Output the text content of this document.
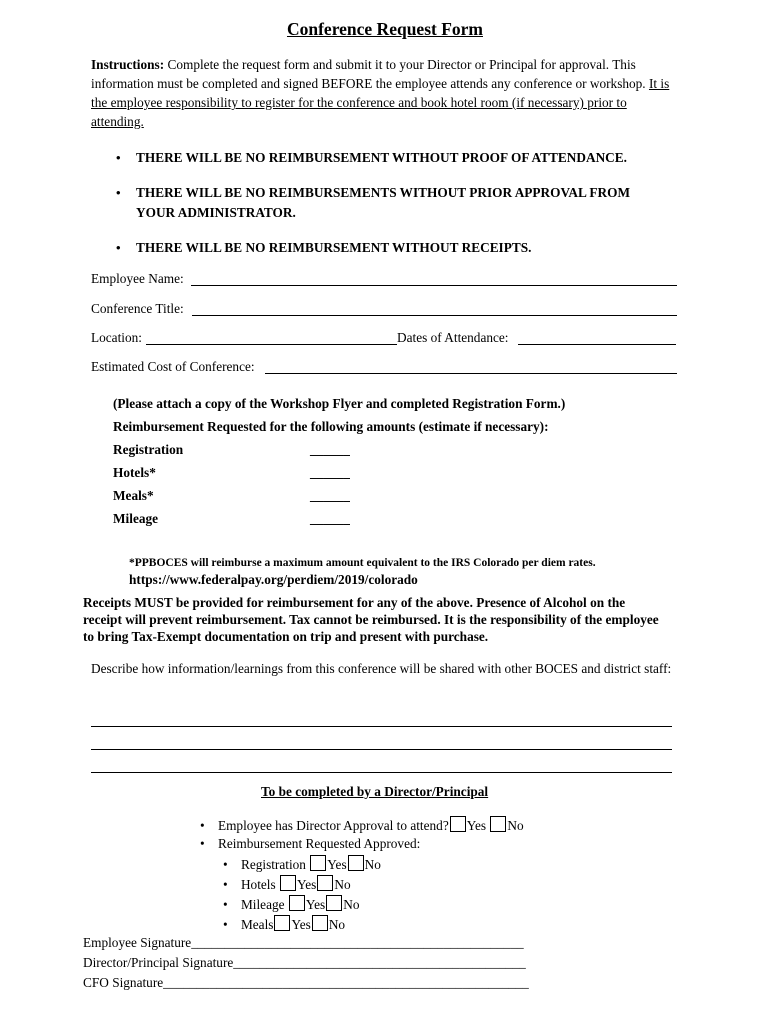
Conference Request Form
Instructions: Complete the request form and submit it to your Director or Principal for approval. This information must be completed and signed BEFORE the employee attends any conference or workshop. It is the employee responsibility to register for the conference and book hotel room (if necessary) prior to attending.
• THERE WILL BE NO REIMBURSEMENT WITHOUT PROOF OF ATTENDANCE.
• THERE WILL BE NO REIMBURSEMENTS WITHOUT PRIOR APPROVAL FROM YOUR ADMINISTRATOR.
• THERE WILL BE NO REIMBURSEMENT WITHOUT RECEIPTS.
Employee Name:
Conference Title:
Location:	Dates of Attendance:
Estimated Cost of Conference:
(Please attach a copy of the Workshop Flyer and completed Registration Form.)
Reimbursement Requested for the following amounts (estimate if necessary):
Registration	______
Hotels*	______
Meals*	______
Mileage	______
*PPBOCES will reimburse a maximum amount equivalent to the IRS Colorado per diem rates.
https://www.federalpay.org/perdiem/2019/colorado
Receipts MUST be provided for reimbursement for any of the above. Presence of Alcohol on the receipt will prevent reimbursement. Tax cannot be reimbursed. It is the responsibility of the employee to bring Tax-Exempt documentation on trip and present with purchase.
Describe how information/learnings from this conference will be shared with other BOCES and district staff:
To be completed by a Director/Principal
• Employee has Director Approval to attend? Yes No
• Reimbursement Requested Approved:
• Registration Yes No
• Hotels Yes No
• Mileage Yes No
• Meals Yes No
Employee Signature__________________________________________________
Director/Principal Signature____________________________________________
CFO Signature_______________________________________________________
